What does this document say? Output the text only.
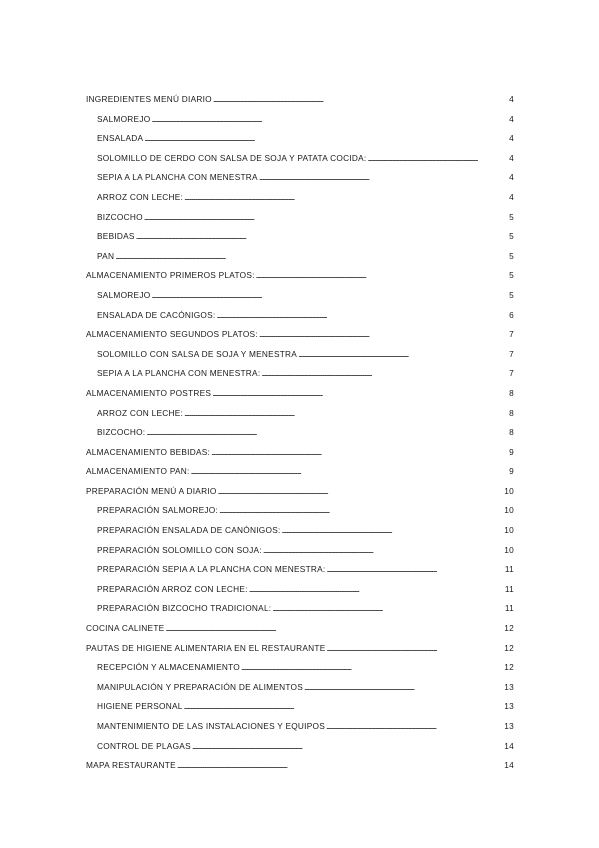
INGREDIENTES MENÚ DIARIO . . .	4
SALMOREJO . . .	4
ENSALADA . . .	4
SOLOMILLO DE CERDO CON SALSA DE SOJA Y PATATA COCIDA: . . .	4
SEPIA A LA PLANCHA CON MENESTRA . . .	4
ARROZ CON LECHE: . . .	4
BIZCOCHO . . .	5
BEBIDAS . . .	5
PAN . . .	5
ALMACENAMIENTO PRIMEROS PLATOS: . . .	5
SALMOREJO . . .	5
ENSALADA DE CACÓNIGOS: . . .	6
ALMACENAMIENTO SEGUNDOS PLATOS: . . .	7
SOLOMILLO CON SALSA DE SOJA Y MENESTRA . . .	7
SEPIA A LA PLANCHA CON MENESTRA: . . .	7
ALMACENAMIENTO POSTRES . . .	8
ARROZ CON LECHE: . . .	8
BIZCOCHO: . . .	8
ALMACENAMIENTO BEBIDAS: . . .	9
ALMACENAMIENTO PAN: . . .	9
PREPARACIÓN MENÚ A DIARIO . . .	10
PREPARACIÓN SALMOREJO: . . .	10
PREPARACIÓN ENSALADA DE CANÓNIGOS: . . .	10
PREPARACIÓN SOLOMILLO CON SOJA: . . .	10
PREPARACIÓN SEPIA A LA PLANCHA CON MENESTRA: . . .	11
PREPARACIÓN ARROZ CON LECHE: . . .	11
PREPARACIÓN BIZCOCHO TRADICIONAL: . . .	11
COCINA CALINETE . . .	12
PAUTAS DE HIGIENE ALIMENTARIA EN EL RESTAURANTE . . .	12
RECEPCIÓN Y ALMACENAMIENTO . . .	12
MANIPULACIÓN Y PREPARACIÓN DE ALIMENTOS . . .	13
HIGIENE PERSONAL . . .	13
MANTENIMIENTO DE LAS INSTALACIONES Y EQUIPOS . . .	13
CONTROL DE PLAGAS . . .	14
MAPA RESTAURANTE . . .	14
